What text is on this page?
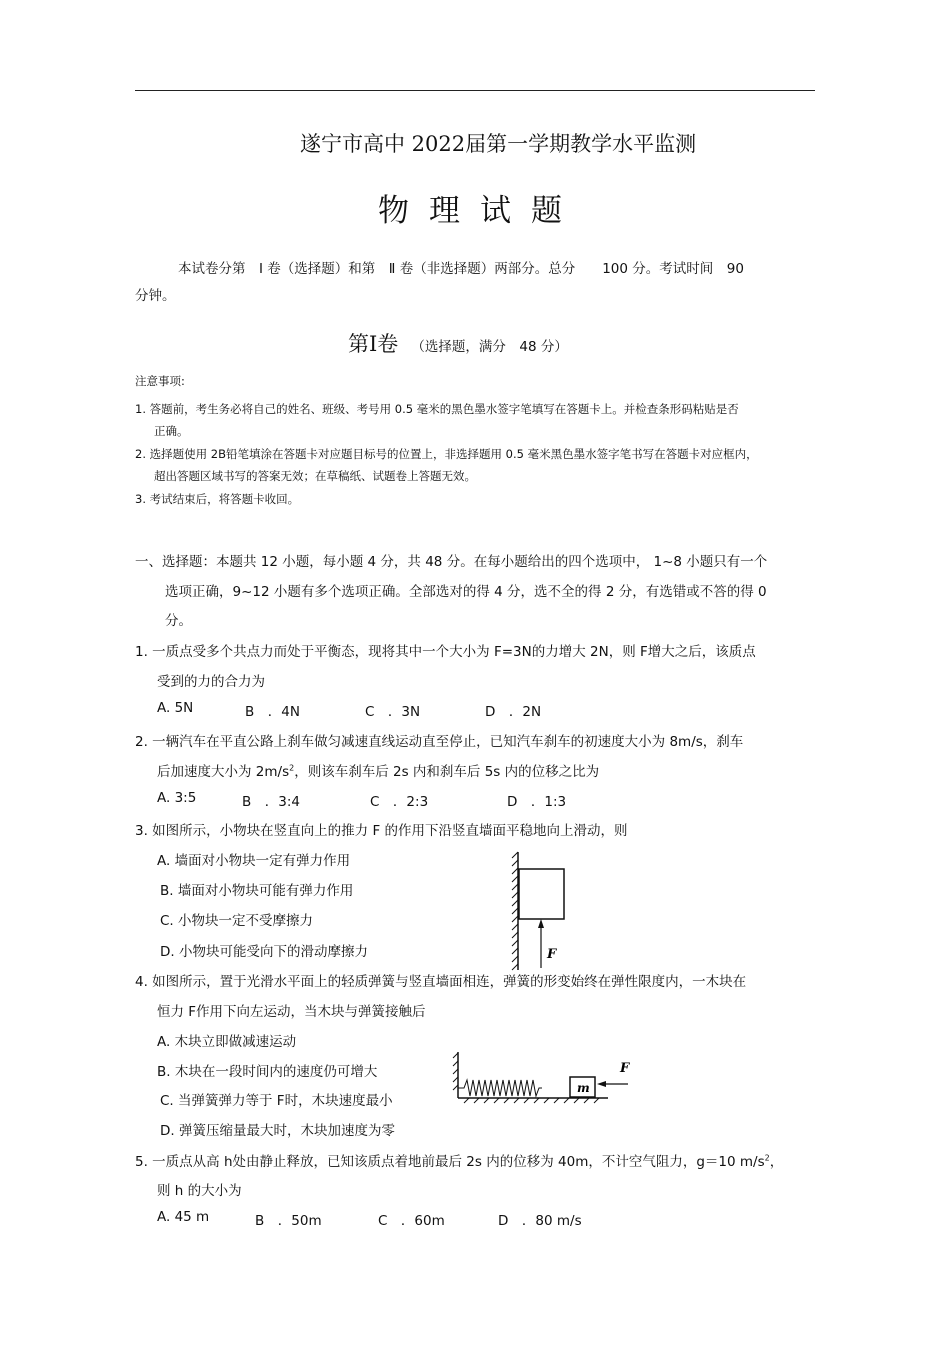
遂宁市高中 2022届第一学期教学水平监测
物理试题
本试卷分第　Ⅰ 卷（选择题）和第　Ⅱ 卷（非选择题）两部分。总分　　100 分。考试时间　90
分钟。
第Ⅰ卷 （选择题，满分　48 分）
注意事项:
1. 答题前，考生务必将自己的姓名、班级、考号用 0.5 毫米的黑色墨水签字笔填写在答题卡上。并检查条形码粘贴是否
正确。
2. 选择题使用 2B铅笔填涂在答题卡对应题目标号的位置上，非选择题用 0.5 毫米黑色墨水签字笔书写在答题卡对应框内，
超出答题区域书写的答案无效；在草稿纸、试题卷上答题无效。
3. 考试结束后，将答题卡收回。
一、选择题：本题共 12 小题，每小题 4 分，共 48 分。在每小题给出的四个选项中， 1~8 小题只有一个
选项正确，9~12 小题有多个选项正确。全部选对的得 4 分，选不全的得 2 分，有选错或不答的得 0
分。
1. 一质点受多个共点力而处于平衡态，现将其中一个大小为 F=3N的力增大 2N，则 F增大之后，该质点
受到的力的合力为
A. 5N	B　．4N	C　．3N	D　．2N
2. 一辆汽车在平直公路上刹车做匀减速直线运动直至停止，已知汽车刹车的初速度大小为 8m/s，刹车
后加速度大小为 $2m/s^2$，则该车刹车后 2s 内和刹车后 5s 内的位移之比为
A. 3:5	B　．3:4	C　．2:3	D　．1:3
3. 如图所示，小物块在竖直向上的推力 F 的作用下沿竖直墙面平稳地向上滑动，则
A. 墙面对小物块一定有弹力作用
B. 墙面对小物块可能有弹力作用
C. 小物块一定不受摩擦力
D. 小物块可能受向下的滑动摩擦力	F
4. 如图所示，置于光滑水平面上的轻质弹簧与竖直墙面相连，弹簧的形变始终在弹性限度内，一木块在
恒力 F作用下向左运动，当木块与弹簧接触后
A. 木块立即做减速运动
B. 木块在一段时间内的速度仍可增大
C. 当弹簧弹力等于 F时，木块速度最小
D. 弹簧压缩量最大时，木块加速度为零
m
F
5. 一质点从高 h处由静止释放，已知该质点着地前最后 2s 内的位移为 40m，不计空气阻力，g＝10 $m/s^2$，
则 h 的大小为
A. 45 m	B　．50m	C　．60m	D　．80 m/s
